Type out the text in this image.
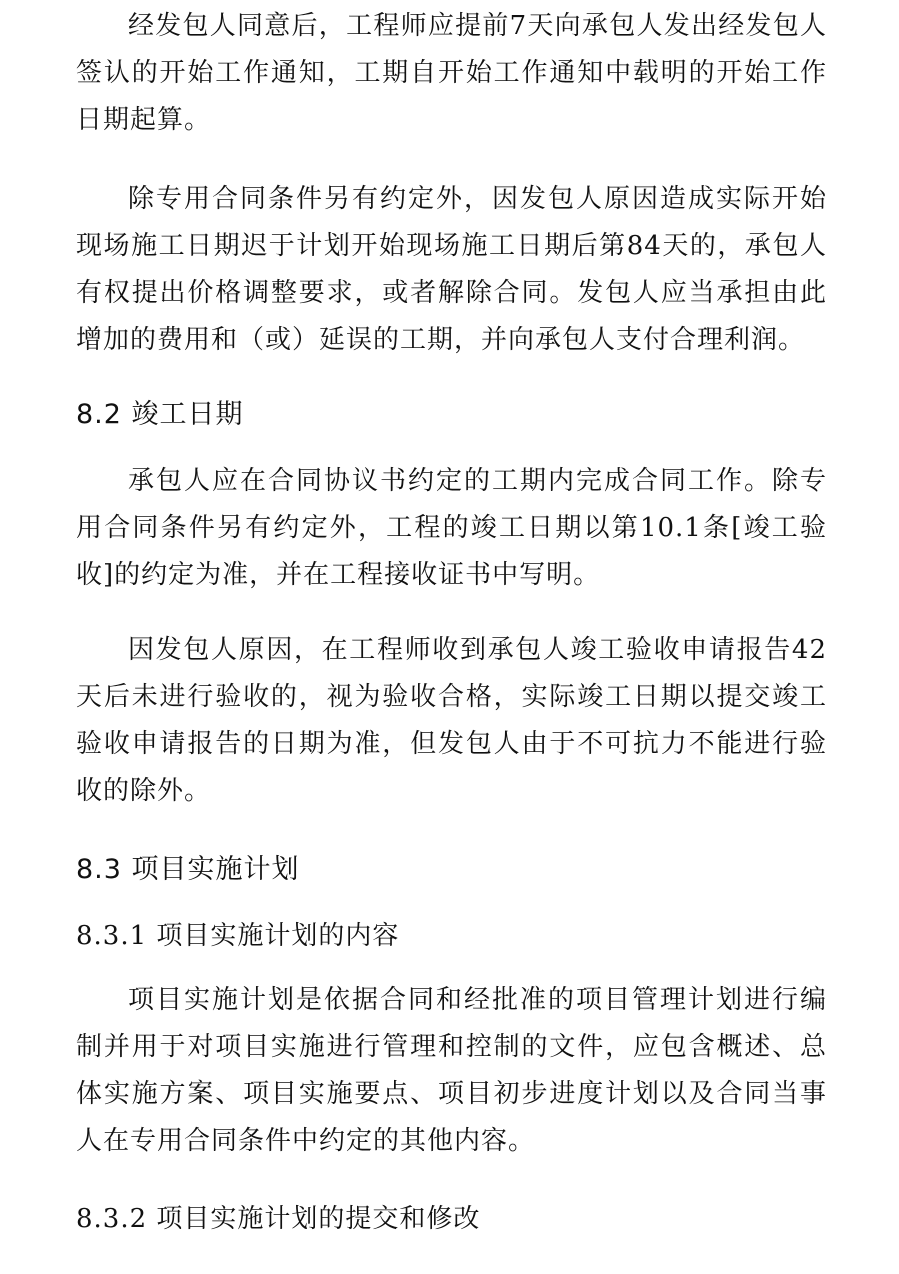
经发包人同意后，工程师应提前7天向承包人发出经发包人签认的开始工作通知，工期自开始工作通知中载明的开始工作日期起算。

除专用合同条件另有约定外，因发包人原因造成实际开始现场施工日期迟于计划开始现场施工日期后第84天的，承包人有权提出价格调整要求，或者解除合同。发包人应当承担由此增加的费用和（或）延误的工期，并向承包人支付合理利润。

8.2 竣工日期

承包人应在合同协议书约定的工期内完成合同工作。除专用合同条件另有约定外，工程的竣工日期以第10.1条[竣工验收]的约定为准，并在工程接收证书中写明。

因发包人原因，在工程师收到承包人竣工验收申请报告42天后未进行验收的，视为验收合格，实际竣工日期以提交竣工验收申请报告的日期为准，但发包人由于不可抗力不能进行验收的除外。

8.3 项目实施计划
8.3.1 项目实施计划的内容

项目实施计划是依据合同和经批准的项目管理计划进行编制并用于对项目实施进行管理和控制的文件，应包含概述、总体实施方案、项目实施要点、项目初步进度计划以及合同当事人在专用合同条件中约定的其他内容。

8.3.2 项目实施计划的提交和修改
